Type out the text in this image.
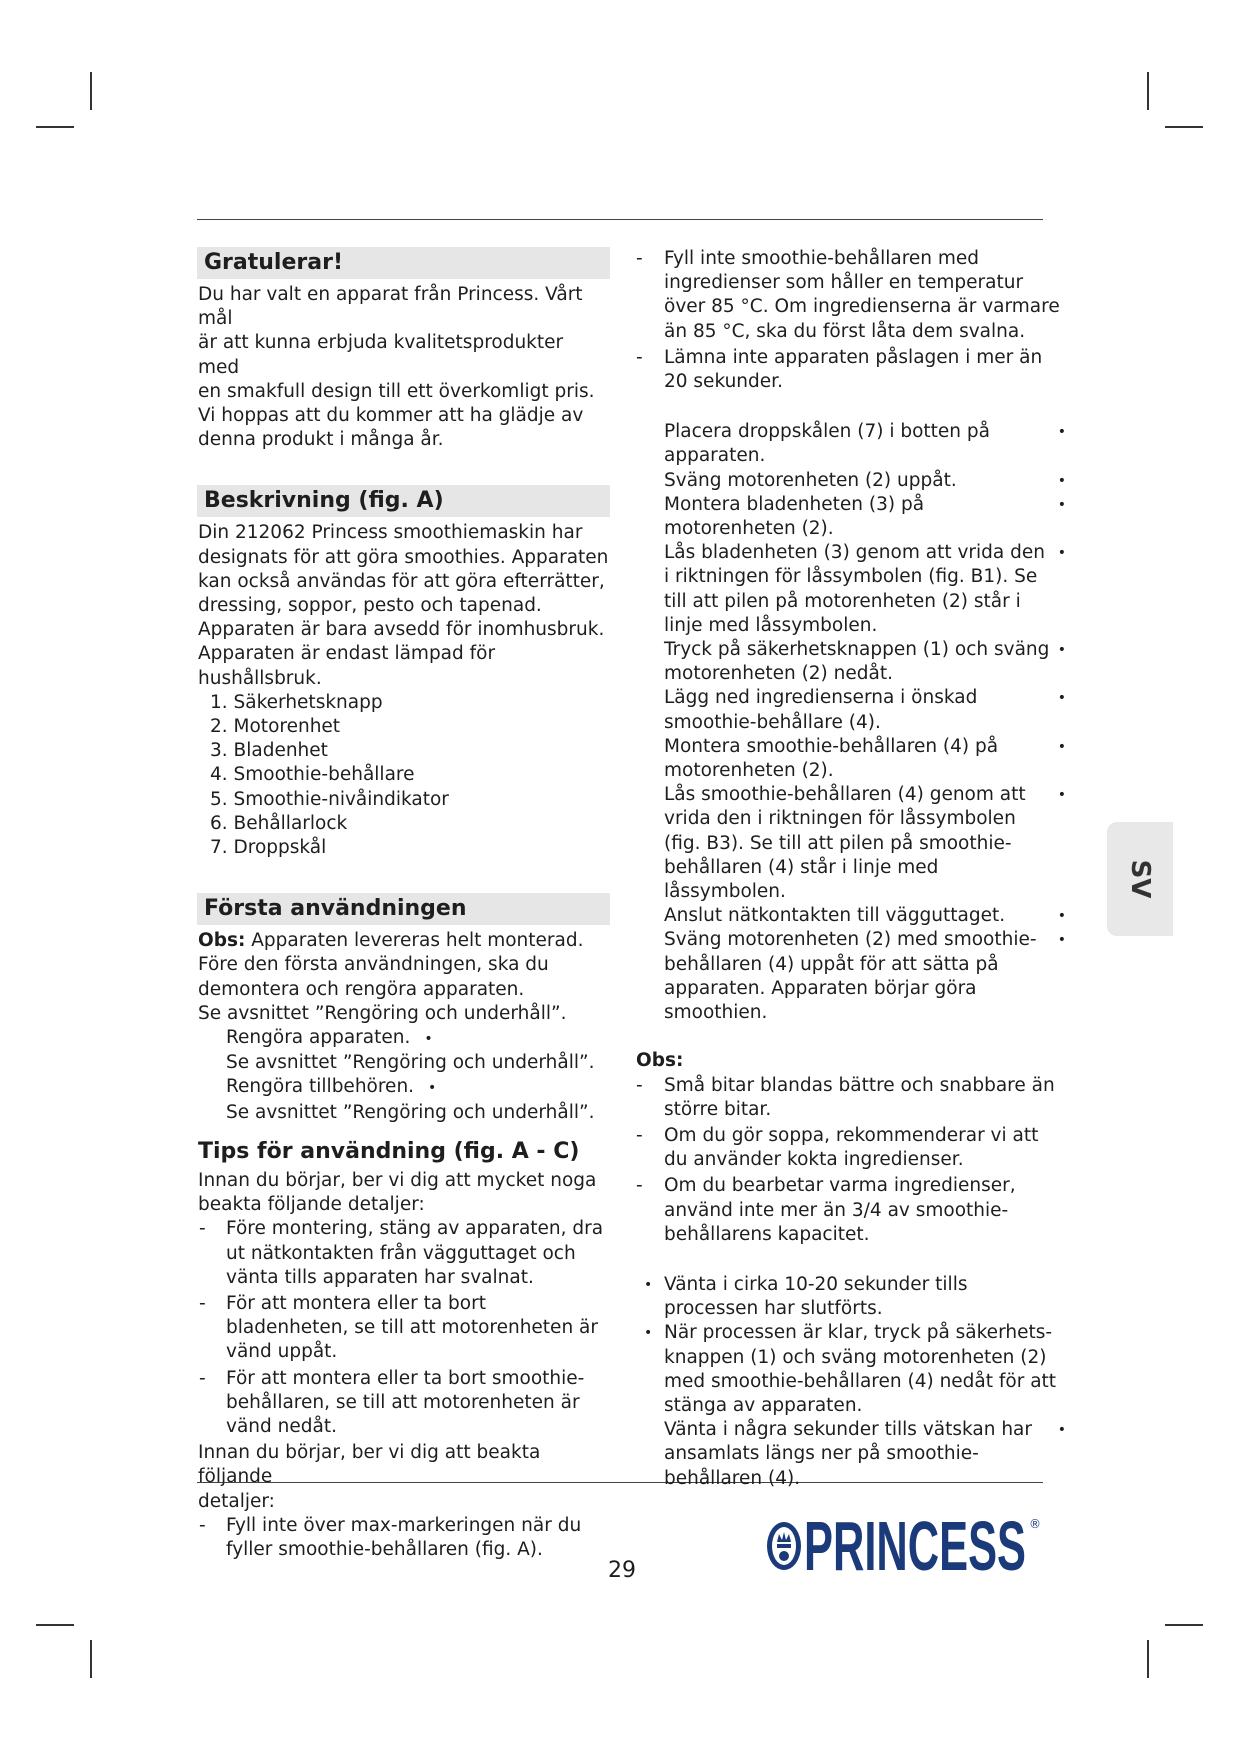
Gratulerar!

Du har valt en apparat från Princess. Vårt mål

är att kunna erbjuda kvalitetsprodukter med

en smakfull design till ett överkomligt pris.

Vi hoppas att du kommer att ha glädje av

denna produkt i många år.

Beskrivning (fig. A)

Din 212062 Princess smoothiemaskin har

designats för att göra smoothies. Apparaten

kan också användas för att göra efterrätter,

dressing, soppor, pesto och tapenad.

Apparaten är bara avsedd för inomhusbruk.

Apparaten är endast lämpad för hushållsbruk.

1. Säkerhetsknapp
2. Motorenhet
3. Bladenhet
4. Smoothie-behållare
5. Smoothie-nivåindikator
6. Behållarlock
7. Droppskål
Första användningen

Obs: Apparaten levereras helt monterad.

Före den första användningen, ska du

demontera och rengöra apparaten.

Se avsnittet ”Rengöring och underhåll”.

Rengöra apparaten. •

Se avsnittet ”Rengöring och underhåll”.

Rengöra tillbehören. •

Se avsnittet ”Rengöring och underhåll”.

Tips för användning (fig. A - C)

Innan du börjar, ber vi dig att mycket noga

beakta följande detaljer:

- Före montering, stäng av apparaten, dra ut nätkontakten från vägguttaget och vänta tills apparaten har svalnat.
- För att montera eller ta bort bladenheten, se till att motorenheten är vänd uppåt.
- För att montera eller ta bort smoothie-behållaren, se till att motorenheten är vänd nedåt.

Innan du börjar, ber vi dig att beakta följande

detaljer:

- Fyll inte över max-markeringen när du fyller smoothie-behållaren (fig. A).
- Fyll inte smoothie-behållaren med ingredienser som håller en temperatur över 85 °C. Om ingredienserna är varmare än 85 °C, ska du först låta dem svalna.
- Lämna inte apparaten påslagen i mer än 20 sekunder.
Placera droppskålen (7) i botten på apparaten. •
Sväng motorenheten (2) uppåt. •
Montera bladenheten (3) på motorenheten (2). •
Lås bladenheten (3) genom att vrida den i riktningen för låssymbolen (fig. B1). Se till att pilen på motorenheten (2) står i linje med låssymbolen. •
Tryck på säkerhetsknappen (1) och sväng motorenheten (2) nedåt. •
Lägg ned ingredienserna i önskad smoothie-behållare (4). •
Montera smoothie-behållaren (4) på motorenheten (2). •
Lås smoothie-behållaren (4) genom att vrida den i riktningen för låssymbolen (fig. B3). Se till att pilen på smoothie-behållaren (4) står i linje med låssymbolen. •
Anslut nätkontakten till vägguttaget. •
Sväng motorenheten (2) med smoothie-behållaren (4) uppåt för att sätta på apparaten. Apparaten börjar göra smoothien. •

Obs:

- Små bitar blandas bättre och snabbare än större bitar.
- Om du gör soppa, rekommenderar vi att du använder kokta ingredienser.
- Om du bearbetar varma ingredienser, använd inte mer än 3/4 av smoothie-behållarens kapacitet.
• Vänta i cirka 10-20 sekunder tills processen har slutförts.
• När processen är klar, tryck på säkerhets-knappen (1) och sväng motorenheten (2) med smoothie-behållaren (4) nedåt för att stänga av apparaten.
Vänta i några sekunder tills vätskan har ansamlats längs ner på smoothie-behållaren (4). •
SV
29 PRINCESS ®
